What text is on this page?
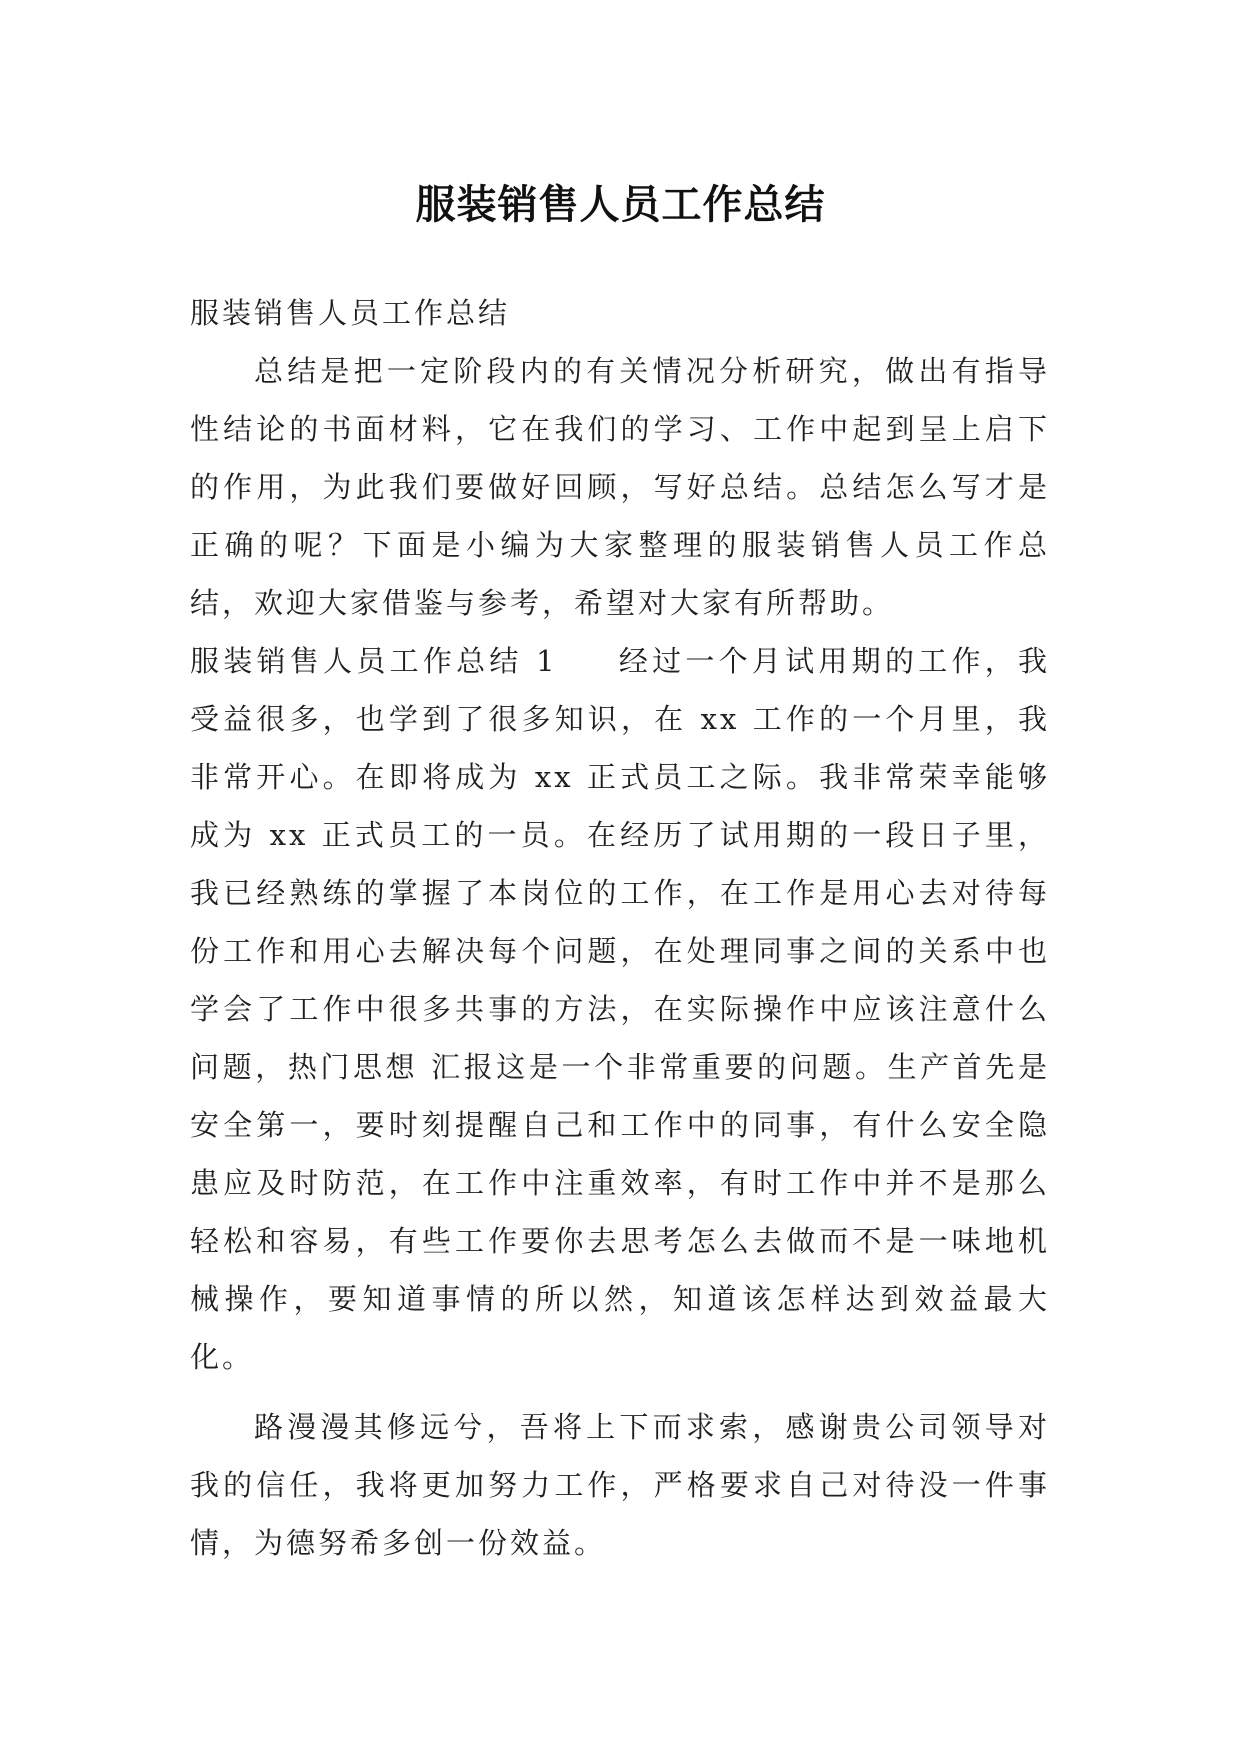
服装销售人员工作总结

服装销售人员工作总结

总结是把一定阶段内的有关情况分析研究，做出有指导性结论的书面材料，它在我们的学习、工作中起到呈上启下的作用，为此我们要做好回顾，写好总结。总结怎么写才是正确的呢？下面是小编为大家整理的服装销售人员工作总结，欢迎大家借鉴与参考，希望对大家有所帮助。

服装销售人员工作总结 1 经过一个月试用期的工作，我受益很多，也学到了很多知识，在 xx 工作的一个月里，我非常开心。在即将成为 xx 正式员工之际。我非常荣幸能够成为 xx 正式员工的一员。在经历了试用期的一段日子里，我已经熟练的掌握了本岗位的工作，在工作是用心去对待每份工作和用心去解决每个问题，在处理同事之间的关系中也学会了工作中很多共事的方法，在实际操作中应该注意什么问题，热门思想 汇报这是一个非常重要的问题。生产首先是安全第一，要时刻提醒自己和工作中的同事，有什么安全隐患应及时防范，在工作中注重效率，有时工作中并不是那么轻松和容易，有些工作要你去思考怎么去做而不是一味地机械操作，要知道事情的所以然，知道该怎样达到效益最大化。

路漫漫其修远兮，吾将上下而求索，感谢贵公司领导对我的信任，我将更加努力工作，严格要求自己对待没一件事情，为德努希多创一份效益。
